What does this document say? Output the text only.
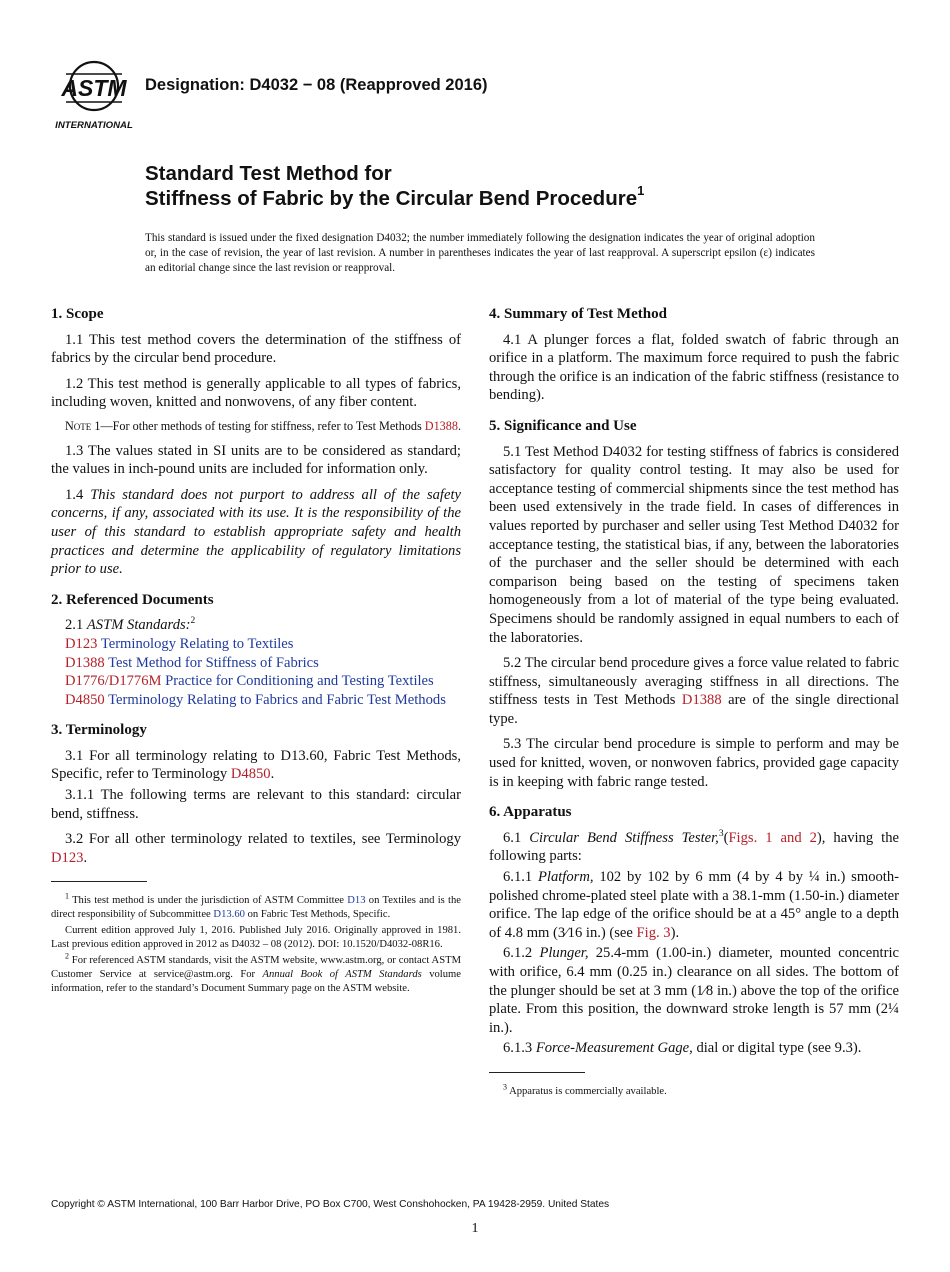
ASTM
INTERNATIONAL
Designation: D4032 − 08 (Reapproved 2016)
Standard Test Method for
Stiffness of Fabric by the Circular Bend Procedure$^1$
This standard is issued under the fixed designation D4032; the number immediately following the designation indicates the year of original adoption or, in the case of revision, the year of last revision. A number in parentheses indicates the year of last reapproval. A superscript epsilon (ε) indicates an editorial change since the last revision or reapproval.
1. Scope

1.1 This test method covers the determination of the stiffness of fabrics by the circular bend procedure.

1.2 This test method is generally applicable to all types of fabrics, including woven, knitted and nonwovens, of any fiber content.

Note 1—For other methods of testing for stiffness, refer to Test Methods D1388.

1.3 The values stated in SI units are to be considered as standard; the values in inch-pound units are included for information only.

1.4 This standard does not purport to address all of the safety concerns, if any, associated with its use. It is the responsibility of the user of this standard to establish appropriate safety and health practices and determine the applicability of regulatory limitations prior to use.

2. Referenced Documents

2.1 ASTM Standards:$^2$

D123 Terminology Relating to Textiles

D1388 Test Method for Stiffness of Fabrics

D1776/D1776M Practice for Conditioning and Testing Textiles

D4850 Terminology Relating to Fabrics and Fabric Test Methods

3. Terminology

3.1 For all terminology relating to D13.60, Fabric Test Methods, Specific, refer to Terminology D4850.

3.1.1 The following terms are relevant to this standard: circular bend, stiffness.

3.2 For all other terminology related to textiles, see Terminology D123.

$^1$ This test method is under the jurisdiction of ASTM Committee D13 on Textiles and is the direct responsibility of Subcommittee D13.60 on Fabric Test Methods, Specific.

Current edition approved July 1, 2016. Published July 2016. Originally approved in 1981. Last previous edition approved in 2012 as D4032 – 08 (2012). DOI: 10.1520/D4032-08R16.

$^2$ For referenced ASTM standards, visit the ASTM website, www.astm.org, or contact ASTM Customer Service at service@astm.org. For Annual Book of ASTM Standards volume information, refer to the standard’s Document Summary page on the ASTM website.

4. Summary of Test Method

4.1 A plunger forces a flat, folded swatch of fabric through an orifice in a platform. The maximum force required to push the fabric through the orifice is an indication of the fabric stiffness (resistance to bending).

5. Significance and Use

5.1 Test Method D4032 for testing stiffness of fabrics is considered satisfactory for quality control testing. It may also be used for acceptance testing of commercial shipments since the test method has been used extensively in the trade field. In cases of differences in values reported by purchaser and seller using Test Method D4032 for acceptance testing, the statistical bias, if any, between the laboratories of the purchaser and the seller should be determined with each comparison being based on the testing of specimens taken homogeneously from a lot of material of the type being evaluated. Specimens should be randomly assigned in equal numbers to each of the laboratories.

5.2 The circular bend procedure gives a force value related to fabric stiffness, simultaneously averaging stiffness in all directions. The stiffness tests in Test Methods D1388 are of the single directional type.

5.3 The circular bend procedure is simple to perform and may be used for knitted, woven, or nonwoven fabrics, provided gage capacity is in keeping with fabric range tested.

6. Apparatus

6.1 Circular Bend Stiffness Tester,$^3$(Figs. 1 and 2), having the following parts:

6.1.1 Platform, 102 by 102 by 6 mm (4 by 4 by ¼ in.) smooth-polished chrome-plated steel plate with a 38.1-mm (1.50-in.) diameter orifice. The lap edge of the orifice should be at a 45° angle to a depth of 4.8 mm (3⁄16 in.) (see Fig. 3).

6.1.2 Plunger, 25.4-mm (1.00-in.) diameter, mounted concentric with orifice, 6.4 mm (0.25 in.) clearance on all sides. The bottom of the plunger should be set at 3 mm (1⁄8 in.) above the top of the orifice plate. From this position, the downward stroke length is 57 mm (2¼ in.).

6.1.3 Force-Measurement Gage, dial or digital type (see 9.3).

$^3$ Apparatus is commercially available.

Copyright © ASTM International, 100 Barr Harbor Drive, PO Box C700, West Conshohocken, PA 19428-2959. United States
1
